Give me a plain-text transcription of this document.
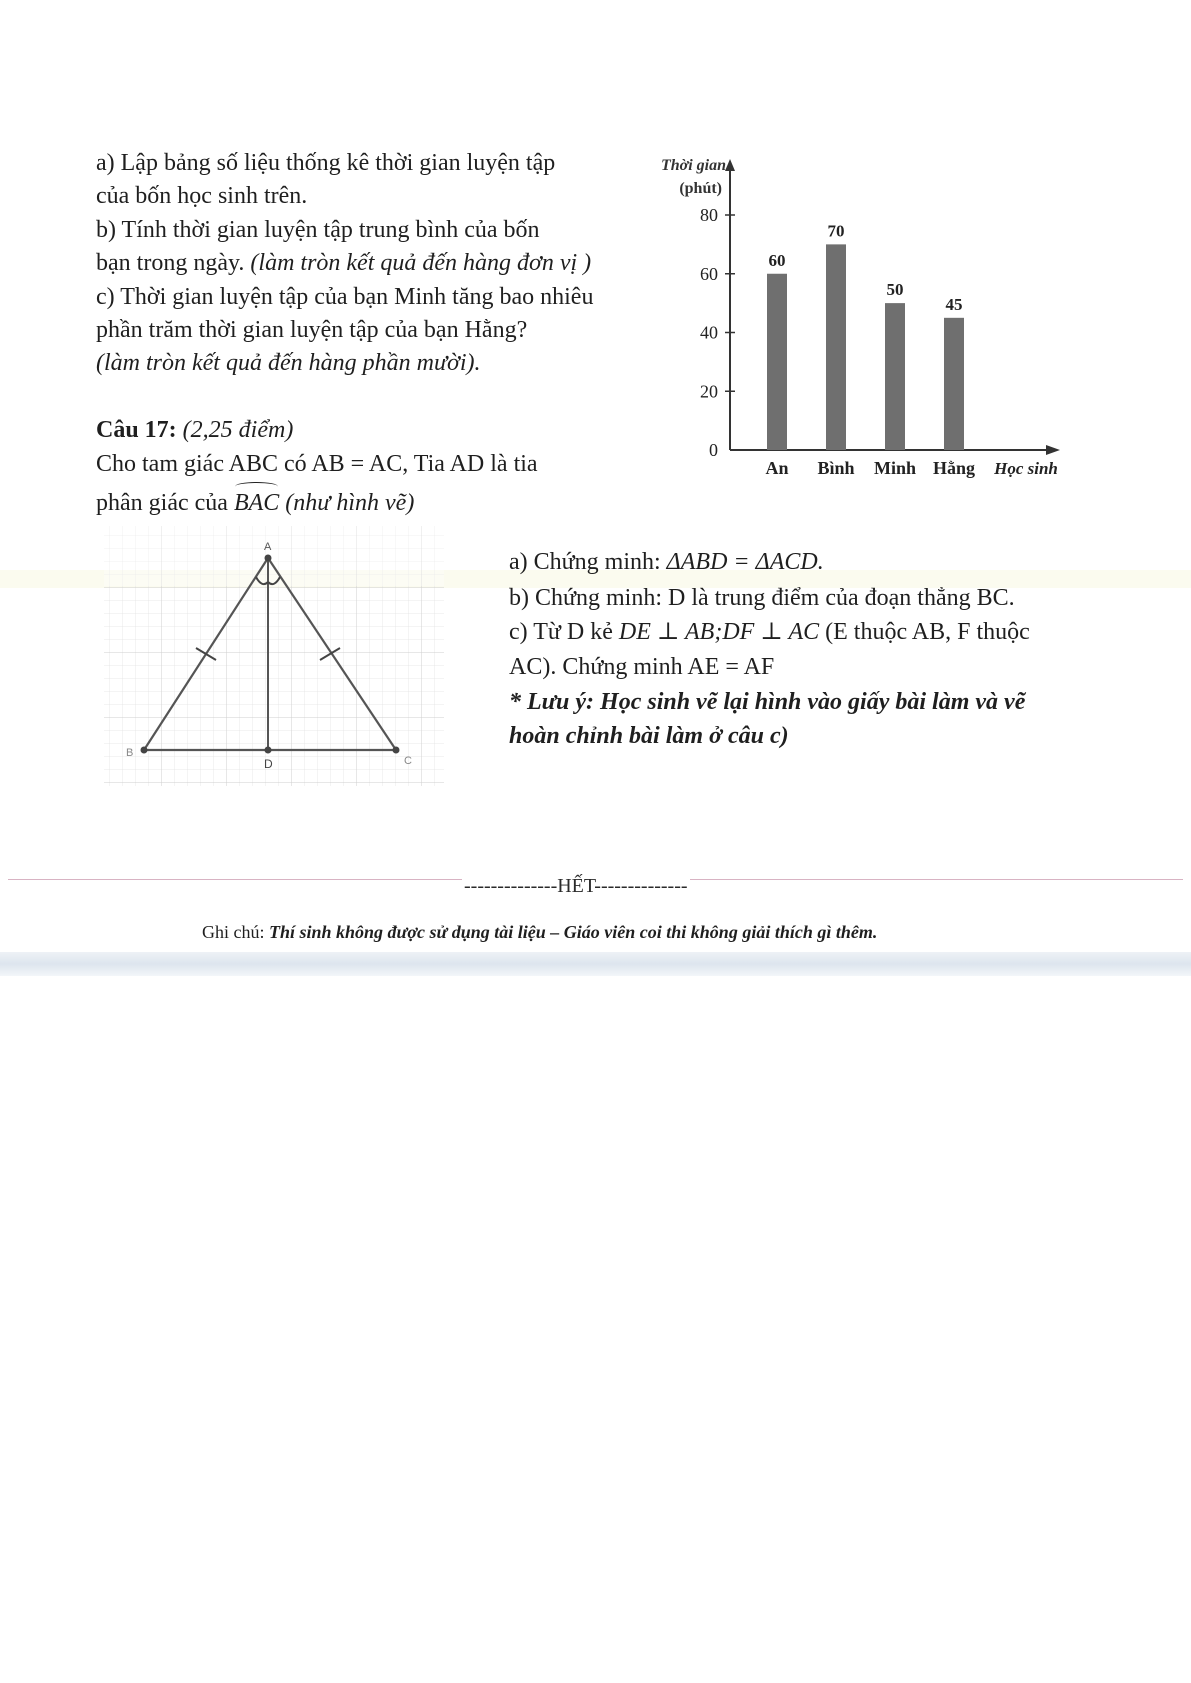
a) Lập bảng số liệu thống kê thời gian luyện tập
của bốn học sinh trên.
b) Tính thời gian luyện tập trung bình của bốn
bạn trong ngày. (làm tròn kết quả đến hàng đơn vị )
c) Thời gian luyện tập của bạn Minh tăng bao nhiêu
phần trăm thời gian luyện tập của bạn Hằng?
(làm tròn kết quả đến hàng phần mười).
Câu 17: (2,25 điểm)
Cho tam giác ABC có AB = AC, Tia AD là tia
phân giác của BAC (như hình vẽ)
a) Chứng minh: ΔABD = ΔACD.
b) Chứng minh: D là trung điểm của đoạn thẳng BC.
c) Từ D kẻ DE ⊥ AB;DF ⊥ AC (E thuộc AB, F thuộc
AC). Chứng minh AE = AF
* Lưu ý: Học sinh vẽ lại hình vào giấy bài làm và vẽ
hoàn chỉnh bài làm ở câu c)
0
20
40
60
80
Thời gian
(phút)
60
An
70
Bình
50
Minh
45
Hằng Học sinh
A
B
C
D
--------------HẾT--------------
Ghi chú: Thí sinh không được sử dụng tài liệu – Giáo viên coi thi không giải thích gì thêm.
